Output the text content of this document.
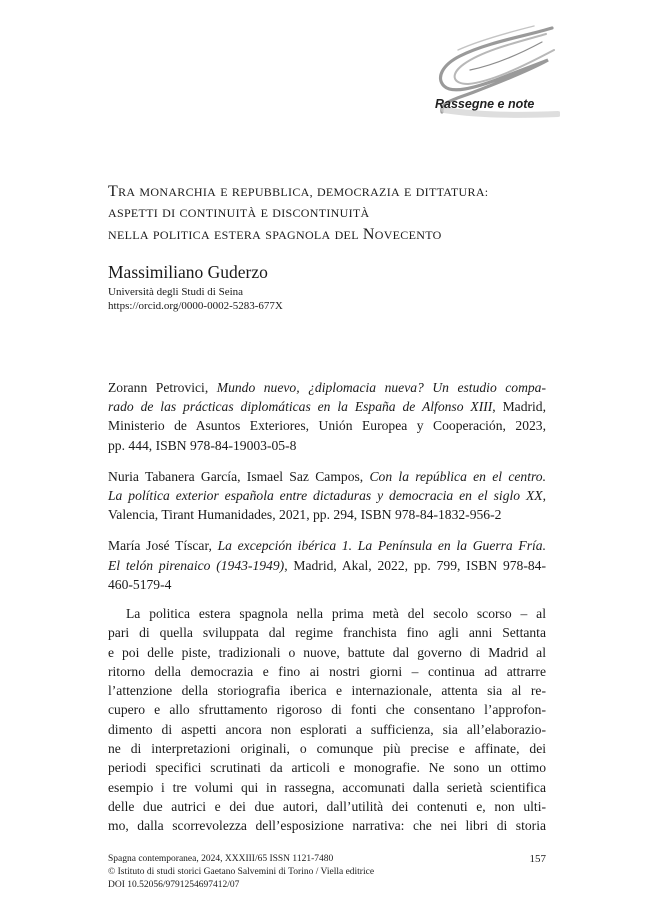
Rassegne e note
TRA MONARCHIA E REPUBBLICA, DEMOCRAZIA E DITTATURA:
ASPETTI DI CONTINUITÀ E DISCONTINUITÀ
NELLA POLITICA ESTERA SPAGNOLA DEL NOVECENTO
Massimiliano Guderzo
Università degli Studi di Seina
https://orcid.org/0000-0002-5283-677X
Zorann Petrovici, Mundo nuevo, ¿diplomacia nueva? Un estudio compa-
rado de las prácticas diplomáticas en la España de Alfonso XIII, Madrid,
Ministerio de Asuntos Exteriores, Unión Europea y Cooperación, 2023,
pp. 444, ISBN 978-84-19003-05-8
Nuria Tabanera García, Ismael Saz Campos, Con la república en el centro.
La política exterior española entre dictaduras y democracia en el siglo XX,
Valencia, Tirant Humanidades, 2021, pp. 294, ISBN 978-84-1832-956-2
María José Tíscar, La excepción ibérica 1. La Península en la Guerra Fría.
El telón pirenaico (1943-1949), Madrid, Akal, 2022, pp. 799, ISBN 978-84-
460-5179-4
La politica estera spagnola nella prima metà del secolo scorso – al
pari di quella sviluppata dal regime franchista fino agli anni Settanta
e poi delle piste, tradizionali o nuove, battute dal governo di Madrid al
ritorno della democrazia e fino ai nostri giorni – continua ad attrarre
l’attenzione della storiografia iberica e internazionale, attenta sia al re-
cupero e allo sfruttamento rigoroso di fonti che consentano l’approfon-
dimento di aspetti ancora non esplorati a sufficienza, sia all’elaborazio-
ne di interpretazioni originali, o comunque più precise e affinate, dei
periodi specifici scrutinati da articoli e monografie. Ne sono un ottimo
esempio i tre volumi qui in rassegna, accomunati dalla serietà scientifica
delle due autrici e dei due autori, dall’utilità dei contenuti e, non ulti-
mo, dalla scorrevolezza dell’esposizione narrativa: che nei libri di storia
Spagna contemporanea, 2024, XXXIII/65 ISSN 1121-7480
© Istituto di studi storici Gaetano Salvemini di Torino / Viella editrice
DOI 10.52056/9791254697412/07
157
